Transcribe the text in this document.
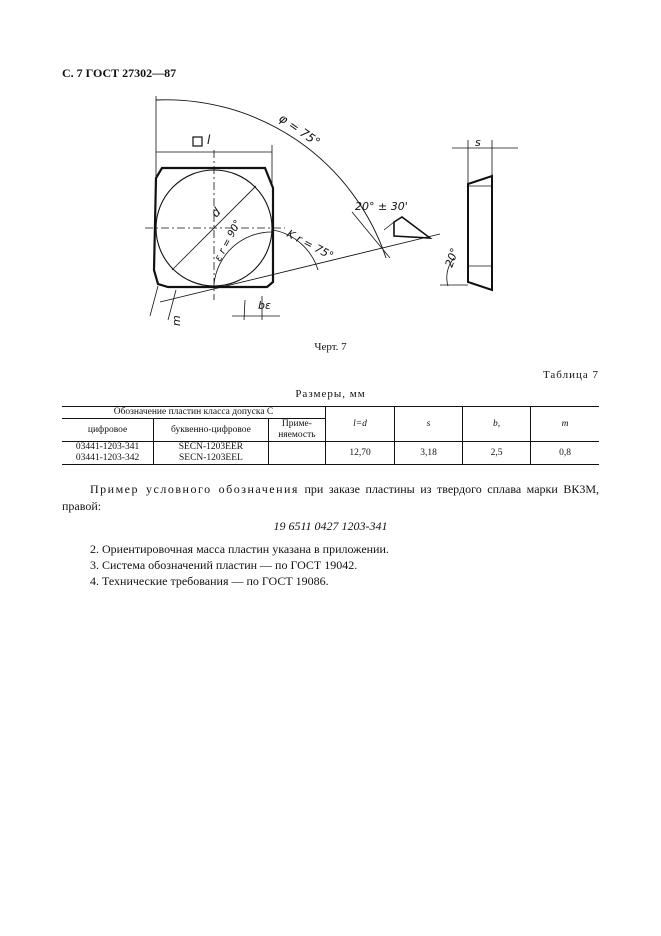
С. 7 ГОСТ 27302—87
l
d
φ = 75°
ε r = 90°	K r = 75°
bε
m
20° ± 30'
s
20°
Черт. 7
Таблица 7
Размеры, мм
Обозначение пластин класса допуска С			l=d	s	b,	m
цифровое	буквенно-цифровое	Приме-
няемость				
03441-1203-341	SECN-1203EER		12,70	3,18	2,5	0,8
03441-1203-342	SECN-1203EEL					
Пример условного обозначения при заказе пластины из твердого сплава марки ВК3М, правой:
19 6511 0427 1203-341
2. Ориентировочная масса пластин указана в приложении.
3. Система обозначений пластин — по ГОСТ 19042.
4. Технические требования — по ГОСТ 19086.
